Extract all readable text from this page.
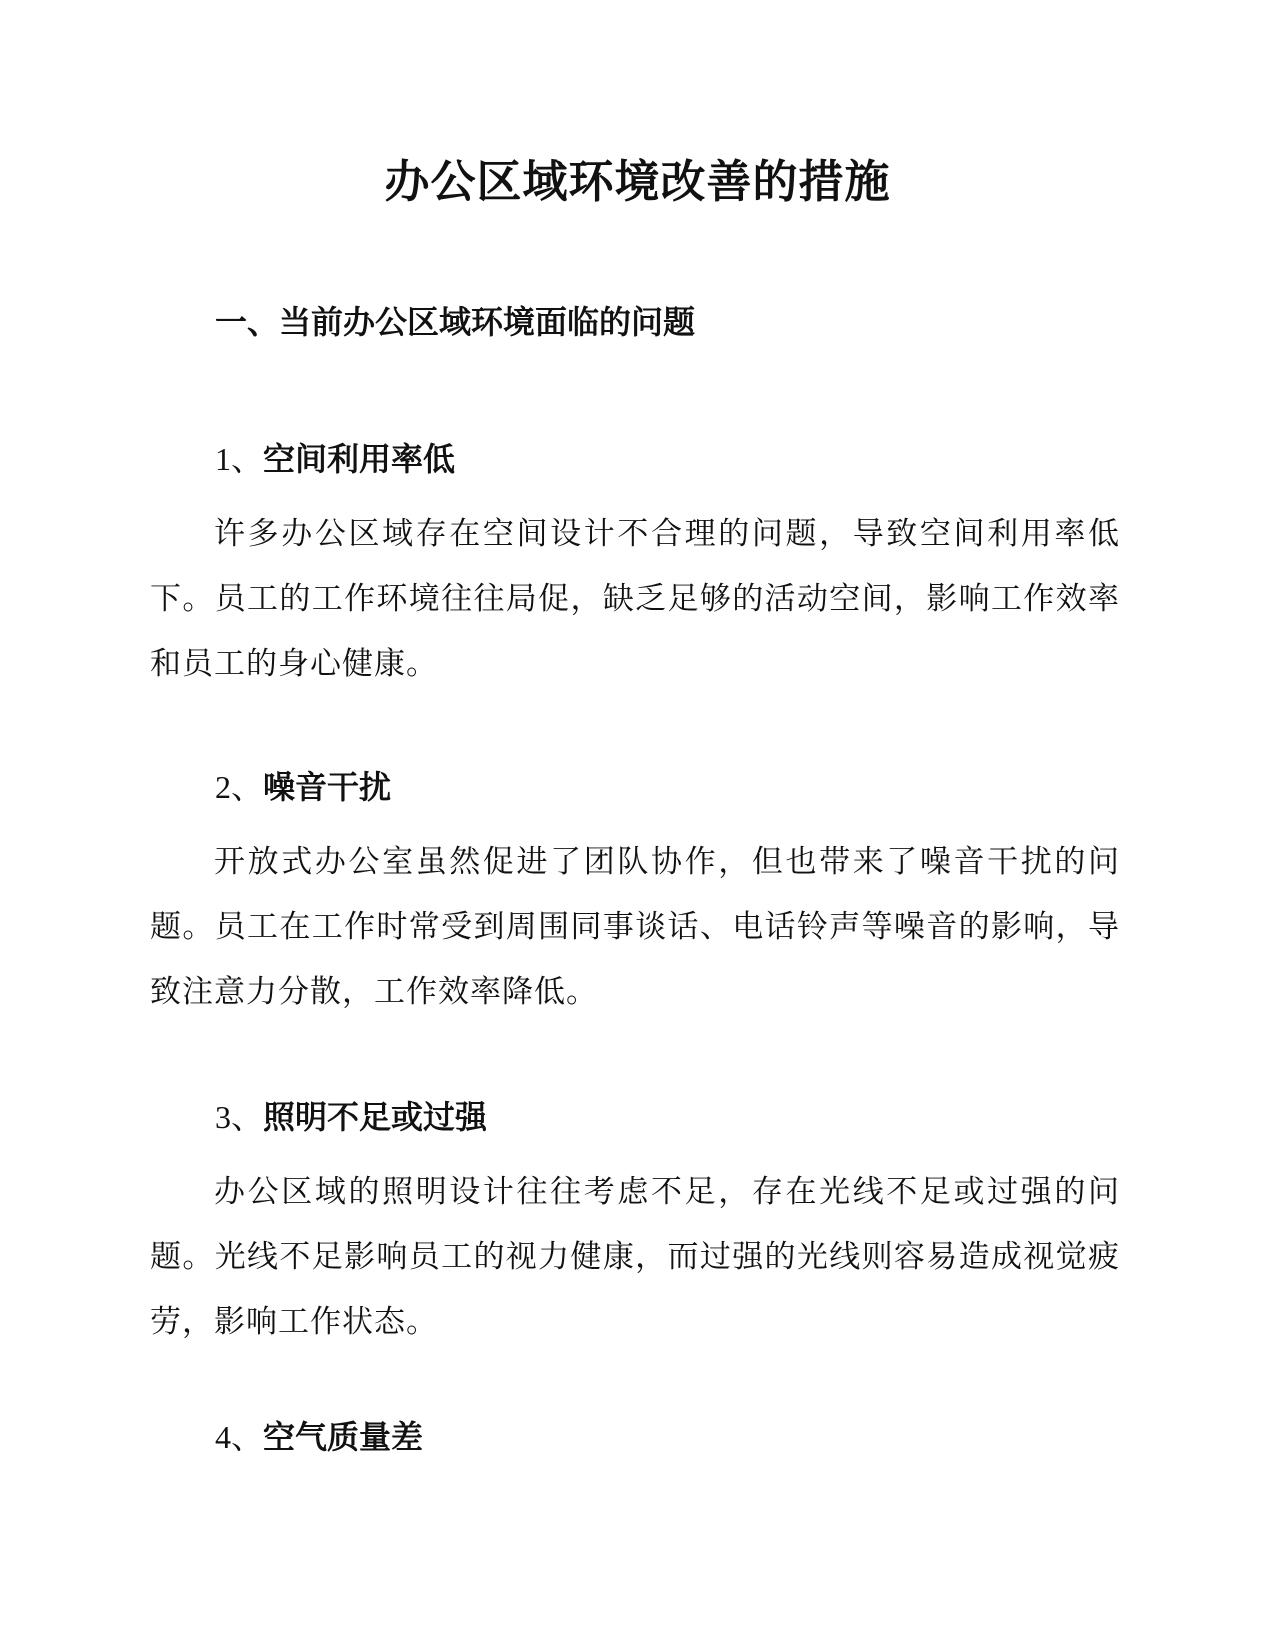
办公区域环境改善的措施
一、当前办公区域环境面临的问题
1、空间利用率低

许多办公区域存在空间设计不合理的问题，导致空间利用率低下。员工的工作环境往往局促，缺乏足够的活动空间，影响工作效率和员工的身心健康。

2、噪音干扰

开放式办公室虽然促进了团队协作，但也带来了噪音干扰的问题。员工在工作时常受到周围同事谈话、电话铃声等噪音的影响，导致注意力分散，工作效率降低。

3、照明不足或过强

办公区域的照明设计往往考虑不足，存在光线不足或过强的问题。光线不足影响员工的视力健康，而过强的光线则容易造成视觉疲劳，影响工作状态。

4、空气质量差
